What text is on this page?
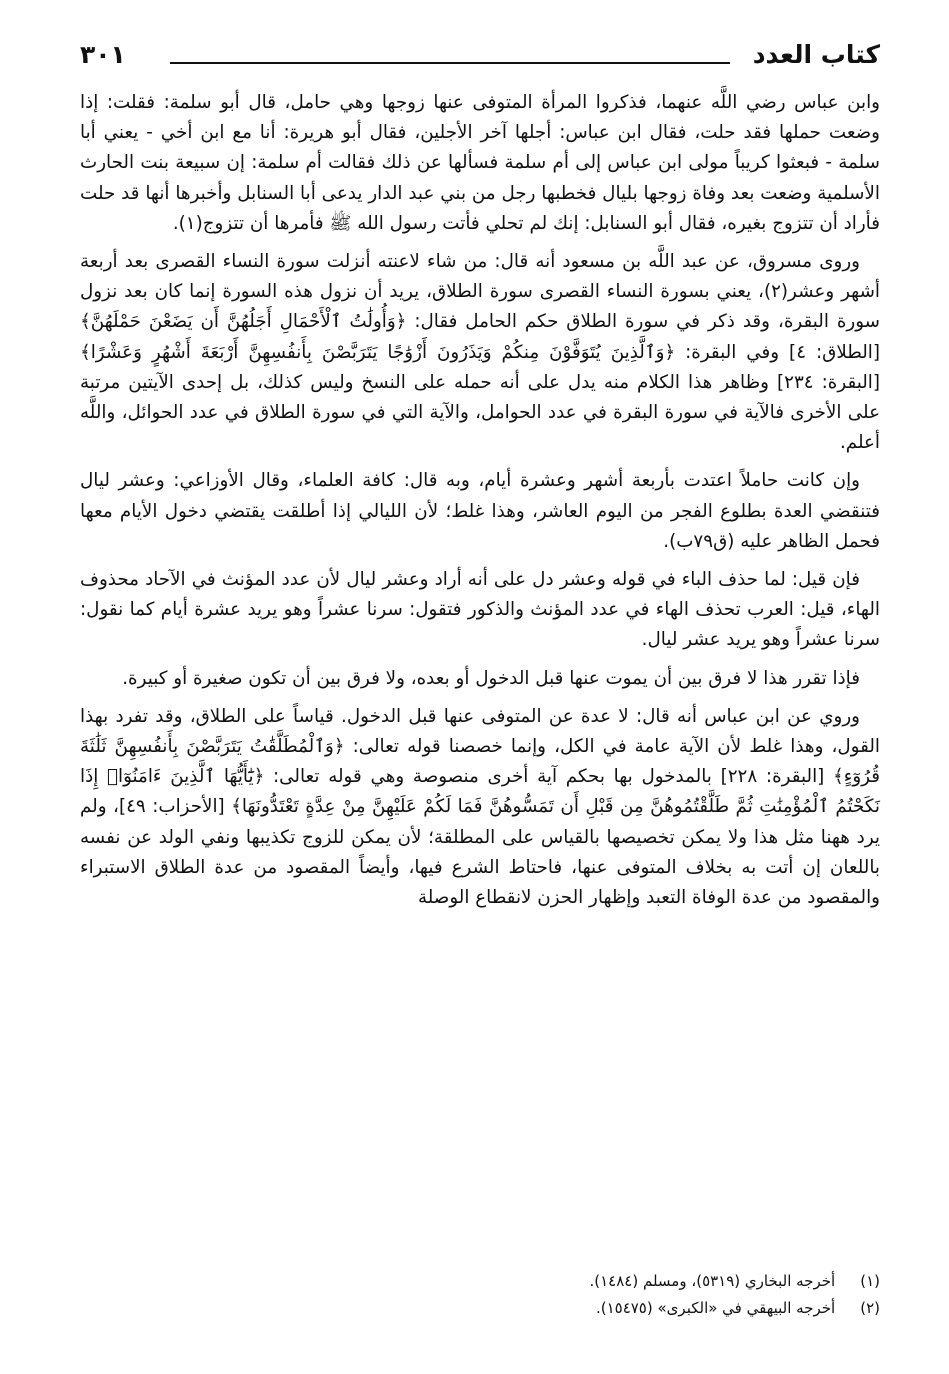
كتاب العدد
٣٠١

وابن عباس رضي اللَّه عنهما، فذكروا المرأة المتوفى عنها زوجها وهي حامل، قال أبو سلمة: فقلت: إذا وضعت حملها فقد حلت، فقال ابن عباس: أجلها آخر الأجلين، فقال أبو هريرة: أنا مع ابن أخي - يعني أبا سلمة - فبعثوا كريباً مولى ابن عباس إلى أم سلمة فسألها عن ذلك فقالت أم سلمة: إن سبيعة بنت الحارث الأسلمية وضعت بعد وفاة زوجها بليال فخطبها رجل من بني عبد الدار يدعى أبا السنابل وأخبرها أنها قد حلت فأراد أن تتزوج بغيره، فقال أبو السنابل: إنك لم تحلي فأتت رسول الله ﷺ فأمرها أن تتزوج(١).

وروى مسروق، عن عبد اللَّه بن مسعود أنه قال: من شاء لاعنته أنزلت سورة النساء القصرى بعد أربعة أشهر وعشر(٢)، يعني بسورة النساء القصرى سورة الطلاق، يريد أن نزول هذه السورة إنما كان بعد نزول سورة البقرة، وقد ذكر في سورة الطلاق حكم الحامل فقال: ﴿وَأُولَٰتُ ٱلْأَحْمَالِ أَجَلُهُنَّ أَن يَضَعْنَ حَمْلَهُنَّ﴾ [الطلاق: ٤] وفي البقرة: ﴿وَٱلَّذِينَ يُتَوَفَّوْنَ مِنكُمْ وَيَذَرُونَ أَزْوَٰجًا يَتَرَبَّصْنَ بِأَنفُسِهِنَّ أَرْبَعَةَ أَشْهُرٍ وَعَشْرًا﴾ [البقرة: ٢٣٤] وظاهر هذا الكلام منه يدل على أنه حمله على النسخ وليس كذلك، بل إحدى الآيتين مرتبة على الأخرى فالآية في سورة البقرة في عدد الحوامل، والآية التي في سورة الطلاق في عدد الحوائل، واللَّه أعلم.

وإن كانت حاملاً اعتدت بأربعة أشهر وعشرة أيام، وبه قال: كافة العلماء، وقال الأوزاعي: وعشر ليال فتنقضي العدة بطلوع الفجر من اليوم العاشر، وهذا غلط؛ لأن الليالي إذا أطلقت يقتضي دخول الأيام معها فحمل الظاهر عليه (ق٧٩ب).

فإن قيل: لما حذف الباء في قوله وعشر دل على أنه أراد وعشر ليال لأن عدد المؤنث في الآحاد محذوف الهاء، قيل: العرب تحذف الهاء في عدد المؤنث والذكور فتقول: سرنا عشراً وهو يريد عشرة أيام كما نقول: سرنا عشراً وهو يريد عشر ليال.

فإذا تقرر هذا لا فرق بين أن يموت عنها قبل الدخول أو بعده، ولا فرق بين أن تكون صغيرة أو كبيرة.

وروي عن ابن عباس أنه قال: لا عدة عن المتوفى عنها قبل الدخول. قياساً على الطلاق، وقد تفرد بهذا القول، وهذا غلط لأن الآية عامة في الكل، وإنما خصصنا قوله تعالى: ﴿وَٱلْمُطَلَّقَٰتُ يَتَرَبَّصْنَ بِأَنفُسِهِنَّ ثَلَٰثَةَ قُرُوٓءٍ﴾ [البقرة: ٢٢٨] بالمدخول بها بحكم آية أخرى منصوصة وهي قوله تعالى: ﴿يَٰٓأَيُّهَا ٱلَّذِينَ ءَامَنُوٓا۟ إِذَا نَكَحْتُمُ ٱلْمُؤْمِنَٰتِ ثُمَّ طَلَّقْتُمُوهُنَّ مِن قَبْلِ أَن تَمَسُّوهُنَّ فَمَا لَكُمْ عَلَيْهِنَّ مِنْ عِدَّةٍ تَعْتَدُّونَهَا﴾ [الأحزاب: ٤٩]، ولم يرد ههنا مثل هذا ولا يمكن تخصيصها بالقياس على المطلقة؛ لأن يمكن للزوج تكذيبها ونفي الولد عن نفسه باللعان إن أتت به بخلاف المتوفى عنها، فاحتاط الشرع فيها، وأيضاً المقصود من عدة الطلاق الاستبراء والمقصود من عدة الوفاة التعبد وإظهار الحزن لانقطاع الوصلة

(١) أخرجه البخاري (٥٣١٩)، ومسلم (١٤٨٤).
(٢) أخرجه البيهقي في «الكبرى» (١٥٤٧٥).
